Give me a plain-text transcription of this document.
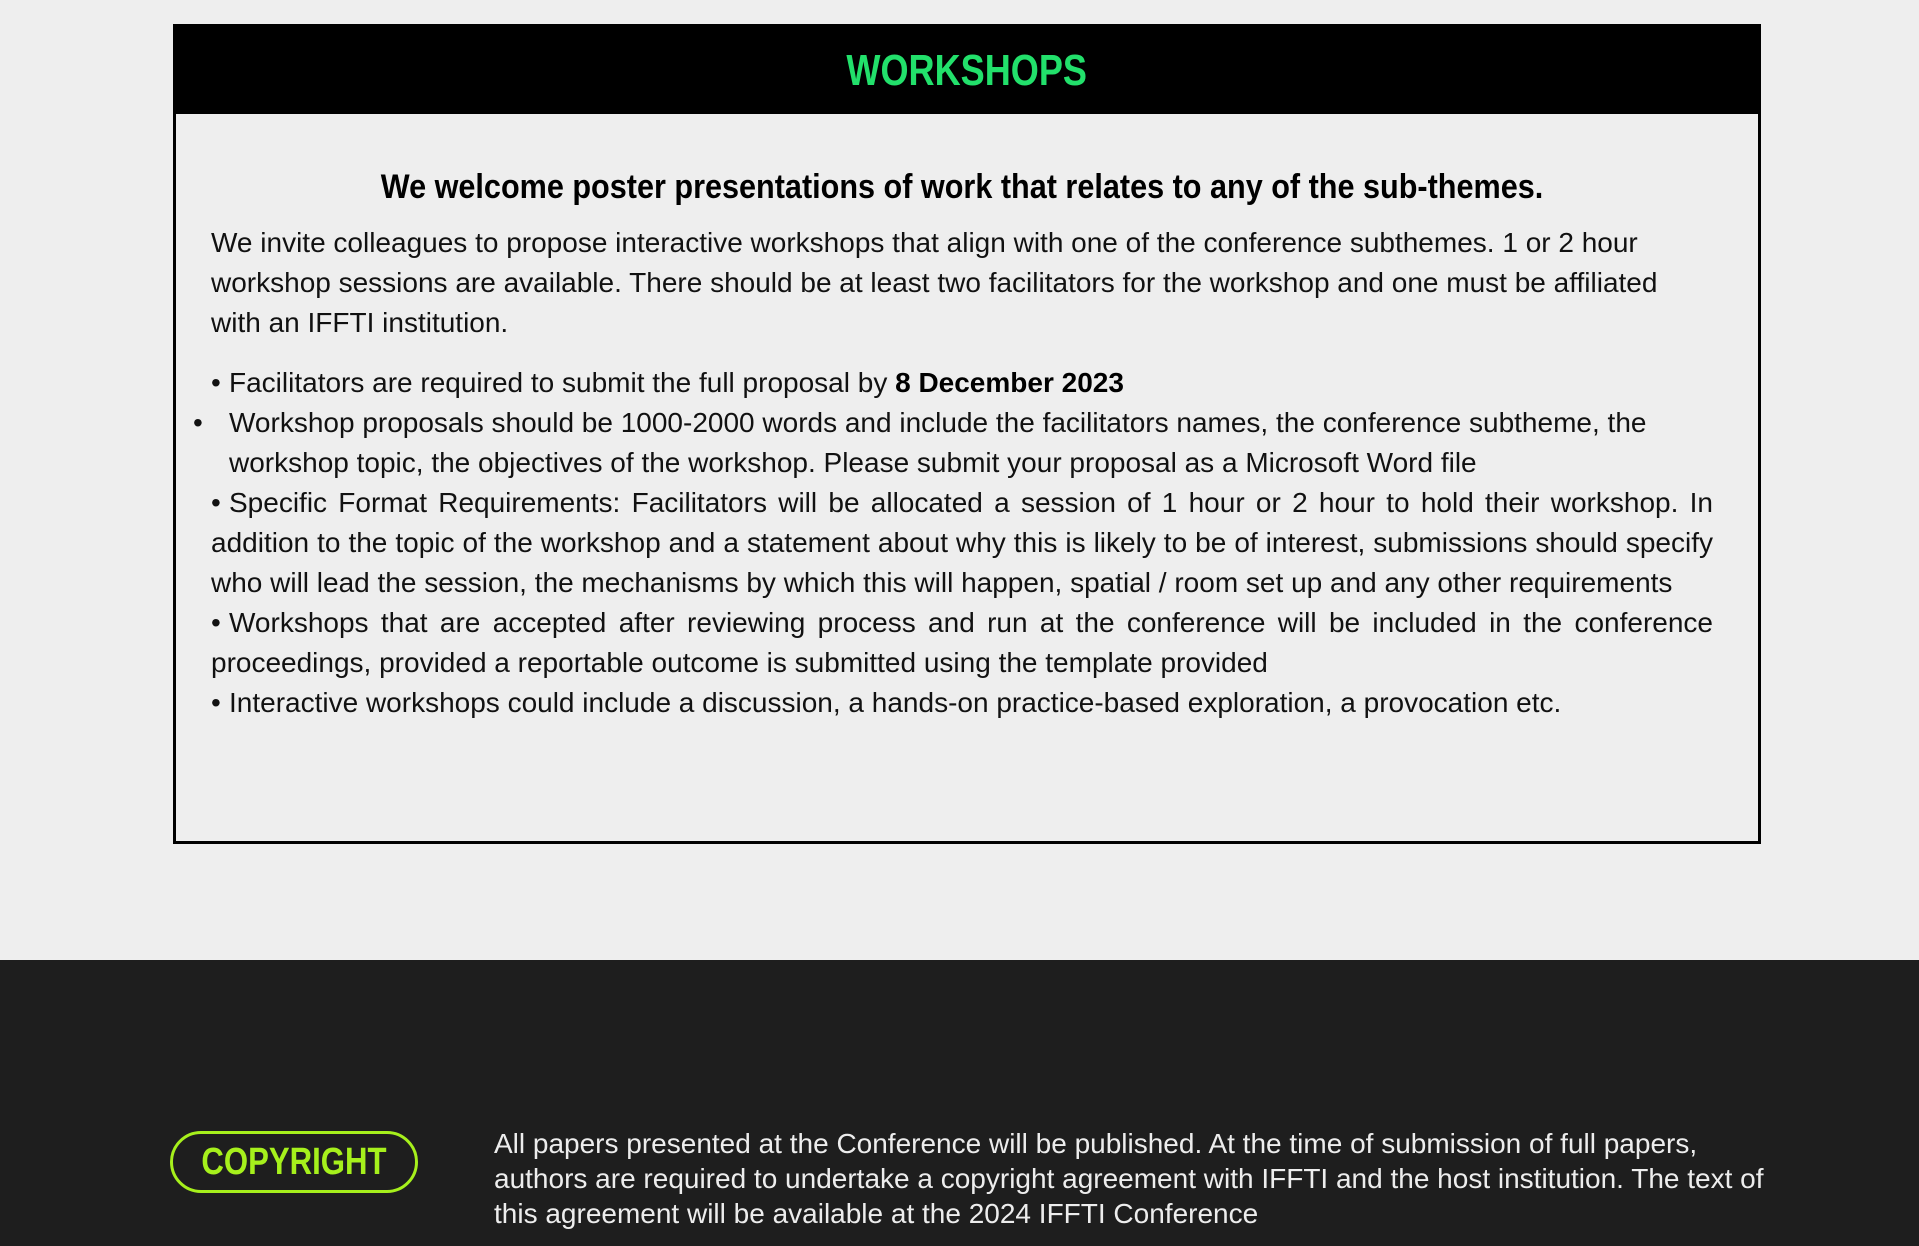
WORKSHOPS
We welcome poster presentations of work that relates to any of the sub-themes.

We invite colleagues to propose interactive workshops that align with one of the conference subthemes. 1 or 2 hour workshop sessions are available. There should be at least two facilitators for the workshop and one must be affiliated with an IFFTI institution.

• Facilitators are required to submit the full proposal by 8 December 2023
• Workshop proposals should be 1000-2000 words and include the facilitators names, the conference subtheme, the workshop topic, the objectives of the workshop. Please submit your proposal as a Microsoft Word file
• Specific Format Requirements: Facilitators will be allocated a session of 1 hour or 2 hour to hold their workshop. In addition to the topic of the workshop and a statement about why this is likely to be of interest, submissions should specify who will lead the session, the mechanisms by which this will happen, spatial / room set up and any other requirements
• Workshops that are accepted after reviewing process and run at the conference will be included in the conference proceedings, provided a reportable outcome is submitted using the template provided
• Interactive workshops could include a discussion, a hands-on practice-based exploration, a provocation etc.
COPYRIGHT	All papers presented at the Conference will be published. At the time of submission of full papers, authors are required to undertake a copyright agreement with IFFTI and the host institution. The text of this agreement will be available at the 2024 IFFTI Conference
